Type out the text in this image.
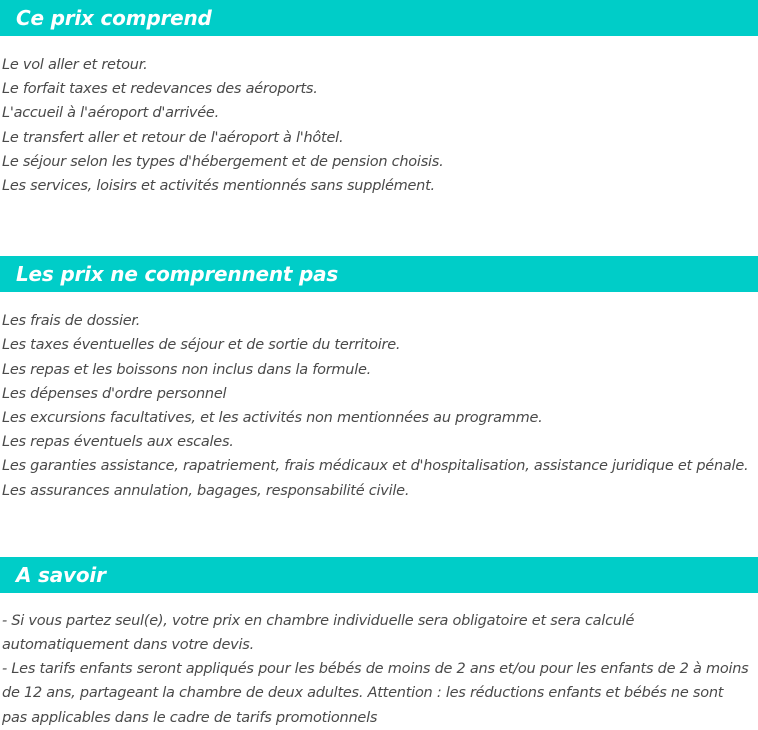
Ce prix comprend
Le vol aller et retour.
Le forfait taxes et redevances des aéroports.
L'accueil à l'aéroport d'arrivée.
Le transfert aller et retour de l'aéroport à l'hôtel.
Le séjour selon les types d'hébergement et de pension choisis.
Les services, loisirs et activités mentionnés sans supplément.
Les prix ne comprennent pas
Les frais de dossier.
Les taxes éventuelles de séjour et de sortie du territoire.
Les repas et les boissons non inclus dans la formule.
Les dépenses d'ordre personnel
Les excursions facultatives, et les activités non mentionnées au programme.
Les repas éventuels aux escales.
Les garanties assistance, rapatriement, frais médicaux et d'hospitalisation, assistance juridique et pénale.
Les assurances annulation, bagages, responsabilité civile.
A savoir

- Si vous partez seul(e), votre prix en chambre individuelle sera obligatoire et sera calculé automatiquement dans votre devis.

- Les tarifs enfants seront appliqués pour les bébés de moins de 2 ans et/ou pour les enfants de 2 à moins de 12 ans, partageant la chambre de deux adultes. Attention : les réductions enfants et bébés ne sont pas applicables dans le cadre de tarifs promotionnels
